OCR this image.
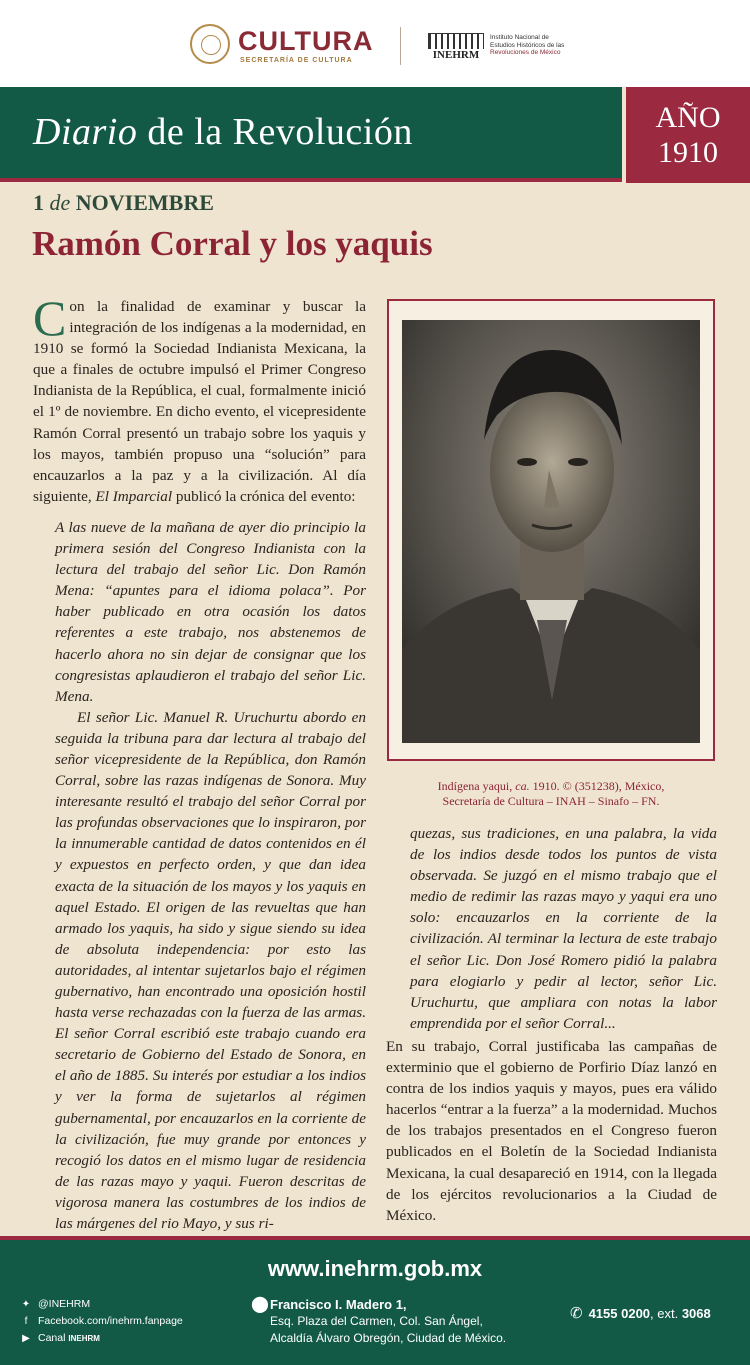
CULTURA
SECRETARÍA DE CULTURA	INEHRM
Instituto Nacional de
Estudios Históricos de las
Revoluciones de México
Diario de la Revolución	AÑO
1910
1 de NOVIEMBRE
Ramón Corral y los yaquis

Con la finalidad de examinar y buscar la integración de los indígenas a la modernidad, en 1910 se formó la Sociedad Indianista Mexicana, la que a finales de octubre impulsó el Primer Congreso Indianista de la República, el cual, formalmente inició el 1º de noviembre. En dicho evento, el vicepresidente Ramón Corral presentó un trabajo sobre los yaquis y los mayos, también propuso una “solución” para encauzarlos a la paz y a la civilización. Al día siguiente, El Imparcial publicó la crónica del evento:

A las nueve de la mañana de ayer dio principio la primera sesión del Congreso Indianista con la lectura del trabajo del señor Lic. Don Ramón Mena: “apuntes para el idioma polaca”. Por haber publicado en otra ocasión los datos referentes a este trabajo, nos abstenemos de hacerlo ahora no sin dejar de consignar que los congresistas aplaudieron el trabajo del señor Lic. Mena.

El señor Lic. Manuel R. Uruchurtu abordo en seguida la tribuna para dar lectura al trabajo del señor vicepresidente de la República, don Ramón Corral, sobre las razas indígenas de Sonora. Muy interesante resultó el trabajo del señor Corral por las profundas observaciones que lo inspiraron, por la innumerable cantidad de datos contenidos en él y expuestos en perfecto orden, y que dan idea exacta de la situación de los mayos y los yaquis en aquel Estado. El origen de las revueltas que han armado los yaquis, ha sido y sigue siendo su idea de absoluta independencia: por esto las autoridades, al intentar sujetarlos bajo el régimen gubernativo, han encontrado una oposición hostil hasta verse rechazadas con la fuerza de las armas. El señor Corral escribió este trabajo cuando era secretario de Gobierno del Estado de Sonora, en el año de 1885. Su interés por estudiar a los indios y ver la forma de sujetarlos al régimen gubernamental, por encauzarlos en la corriente de la civilización, fue muy grande por entonces y recogió los datos en el mismo lugar de residencia de las razas mayo y yaqui. Fueron descritas de vigorosa manera las costumbres de los indios de las márgenes del rio Mayo, y sus ri-

Indígena yaqui, ca. 1910. © (351238), México,
Secretaría de Cultura – INAH – Sinafo – FN.

quezas, sus tradiciones, en una palabra, la vida de los indios desde todos los puntos de vista observada. Se juzgó en el mismo trabajo que el medio de redimir las razas mayo y yaqui era uno solo: encauzarlos en la corriente de la civilización. Al terminar la lectura de este trabajo el señor Lic. Don José Romero pidió la palabra para elogiarlo y pedir al lector, señor Lic. Uruchurtu, que ampliara con notas la labor emprendida por el señor Corral...

En su trabajo, Corral justificaba las campañas de exterminio que el gobierno de Porfirio Díaz lanzó en contra de los indios yaquis y mayos, pues era válido hacerlos “entrar a la fuerza” a la modernidad. Muchos de los trabajos presentados en el Congreso fueron publicados en el Boletín de la Sociedad Indianista Mexicana, la cual desapareció en 1914, con la llegada de los ejércitos revolucionarios a la Ciudad de México.

www.inehrm.gob.mx
✦ @INEHRM
f Facebook.com/inehrm.fanpage
▶ Canal INEHRM
⬤ Francisco I. Madero 1,
Esq. Plaza del Carmen, Col. San Ángel,
Alcaldía Álvaro Obregón, Ciudad de México.
✆ 4155 0200, ext. 3068
